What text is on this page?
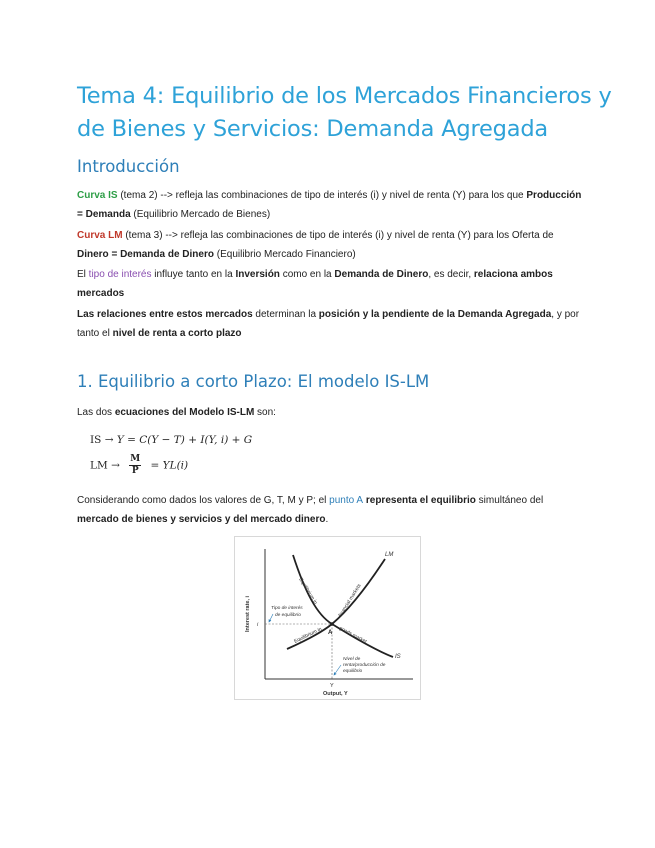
Tema 4: Equilibrio de los Mercados Financieros y de Bienes y Servicios: Demanda Agregada
Introducción

Curva IS (tema 2) --> refleja las combinaciones de tipo de interés (i) y nivel de renta (Y) para los que Producción = Demanda (Equilibrio Mercado de Bienes)

Curva LM (tema 3) --> refleja las combinaciones de tipo de interés (i) y nivel de renta (Y) para los Oferta de Dinero = Demanda de Dinero (Equilibrio Mercado Financiero)

El tipo de interés influye tanto en la Inversión como en la Demanda de Dinero, es decir, relaciona ambos mercados

Las relaciones entre estos mercados determinan la posición y la pendiente de la Demanda Agregada, y por tanto el nivel de renta a corto plazo

1. Equilibrio a corto Plazo: El modelo IS-LM

Las dos ecuaciones del Modelo IS-LM son:

IS → Y = C(Y − T) + I(Y, i) + G
LM → $\frac{M}{P} = YL(i)$

Considerando como dados los valores de G, T, M y P; el punto A representa el equilibrio simultáneo del mercado de bienes y servicios y del mercado dinero.

Interest rate, i
Output, Y
i
Y
A
LM
IS
Equilibrium in	financial markets
Equilibrium in	goods market
Tipo de interés
de equilibrio
Nivel de
renta/producción de
equilibrio
